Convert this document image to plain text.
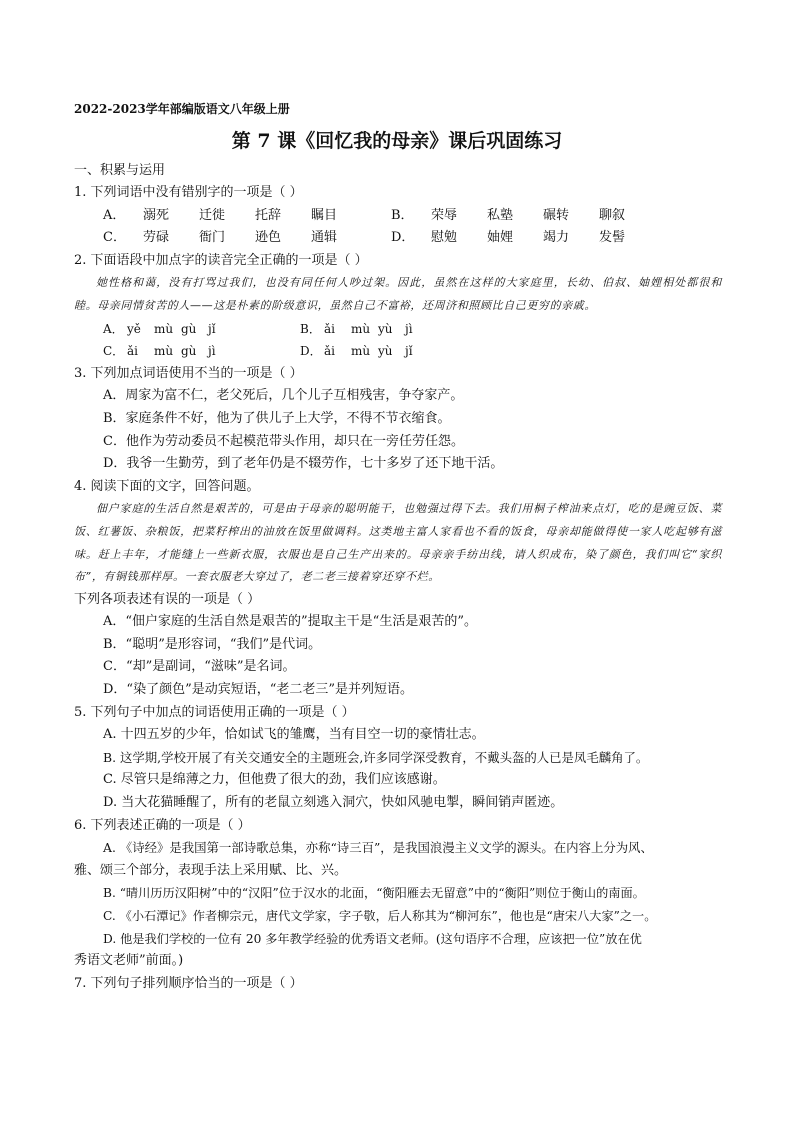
2022-2023学年部编版语文八年级上册
第 7 课《回忆我的母亲》课后巩固练习
一、积累与运用
1. 下列词语中没有错别字的一项是（ ）
A．	溺死	迁徙	托辞	瞩目	B．	荣辱	私塾	碾转	聊叙
C．	劳碌	衙门	逊色	通辑	D．	慰勉	妯娌	竭力	发髻
2. 下面语段中加点字的读音完全正确的一项是（ ）

她性格和蔼，没有打骂过我们，也没有同任何人吵过架。因此，虽然在这样的大家庭里，长幼、伯叔、妯娌相处都很和睦。母亲同情贫苦的人——这是朴素的阶级意识，虽然自己不富裕，还周济和照顾比自己更穷的亲戚。

A． yě	mù gù jǐ	B． ǎi	mù yù	jì
C． ǎi	mù gù jì	D． ǎi	mù yù	jǐ
3. 下列加点词语使用不当的一项是（ ）
A．周家为富不仁，老父死后，几个儿子互相残害，争夺家产。
B．家庭条件不好，他为了供儿子上大学，不得不节衣缩食。
C．他作为劳动委员不起模范带头作用，却只在一旁任劳任怨。
D．我爷一生勤劳，到了老年仍是不辍劳作，七十多岁了还下地干活。
4. 阅读下面的文字，回答问题。

佃户家庭的生活自然是艰苦的，可是由于母亲的聪明能干，也勉强过得下去。我们用桐子榨油来点灯，吃的是豌豆饭、菜饭、红薯饭、杂粮饭，把菜籽榨出的油放在饭里做调料。这类地主富人家看也不看的饭食，母亲却能做得使一家人吃起够有滋味。赶上丰年，才能缝上一些新衣服，衣服也是自己生产出来的。母亲亲手纺出线，请人织成布，染了颜色，我们叫它“家织布”，有铜钱那样厚。一套衣服老大穿过了，老二老三接着穿还穿不烂。

下列各项表述有误的一项是（ ）
A．“佃户家庭的生活自然是艰苦的”提取主干是“生活是艰苦的”。
B．“聪明”是形容词，“我们”是代词。
C．“却”是副词，“滋味”是名词。
D．“染了颜色”是动宾短语，“老二老三”是并列短语。
5. 下列句子中加点的词语使用正确的一项是（ ）
A. 十四五岁的少年，恰如试飞的雏鹰，当有目空一切的豪情壮志。
B. 这学期,学校开展了有关交通安全的主题班会,许多同学深受教育，不戴头盔的人已是凤毛麟角了。
C. 尽管只是绵薄之力，但他费了很大的劲，我们应该感谢。
D. 当大花猫睡醒了，所有的老鼠立刻逃入洞穴，快如风驰电掣，瞬间销声匿迹。
6. 下列表述正确的一项是（ ）
A. 《诗经》是我国第一部诗歌总集，亦称“诗三百”，是我国浪漫主义文学的源头。在内容上分为风、
雅、颂三个部分，表现手法上采用赋、比、兴。
B. “晴川历历汉阳树”中的“汉阳”位于汉水的北面，“衡阳雁去无留意”中的“衡阳”则位于衡山的南面。
C. 《小石潭记》作者柳宗元，唐代文学家，字子敬，后人称其为“柳河东”，他也是“唐宋八大家”之一。
D. 他是我们学校的一位有 20 多年教学经验的优秀语文老师。(这句语序不合理，应该把一位”放在优
秀语文老师”前面。)
7. 下列句子排列顺序恰当的一项是（ ）
